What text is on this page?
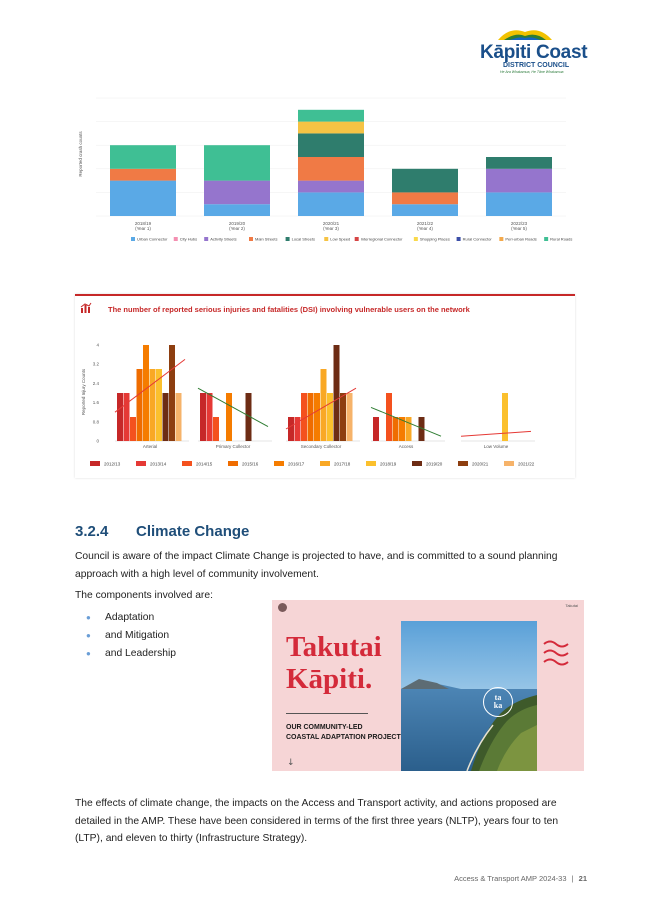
Kāpiti Coast
DISTRICT COUNCIL
He Ara Whakamua, He Tāne Whakamua
Reported crash counts
2018/19
(Year 1)
2019/20
(Year 2)
2020/21
(Year 3)
2021/22
(Year 4)
2022/23
(Year 5)
Urban Connector	City Hubs	Activity Streets	Main Streets	Local Streets	Low Speed	Interregional Connector	Shopping Places	Rural Connector	Peri-urban Roads	Rural Roads
The number of reported serious injuries and fatalities (DSI) involving vulnerable users on the network
Reported Injury Counts
0
0.8
1.6
2.4
3.2
4
Arterial	Primary Collector	Secondary Collector	Access	Low Volume
2012/13	2013/14	2014/15	2015/16	2016/17	2017/18	2018/19	2019/20	2020/21	2021/22
3.2.4 Climate Change
Council is aware of the impact Climate Change is projected to have, and is committed to a sound planning approach with a high level of community involvement.
The components involved are:
● Adaptation
● and Mitigation
● and Leadership
Takutai
Takutai
Kāpiti.
OUR COMMUNITY-LED
COASTAL ADAPTATION PROJECT
↓
ta
ka
The effects of climate change, the impacts on the Access and Transport activity, and actions proposed are detailed in the AMP. These have been considered in terms of the first three years (NLTP), years four to ten (LTP), and eleven to thirty (Infrastructure Strategy).
Access & Transport AMP 2024-33 | 21
